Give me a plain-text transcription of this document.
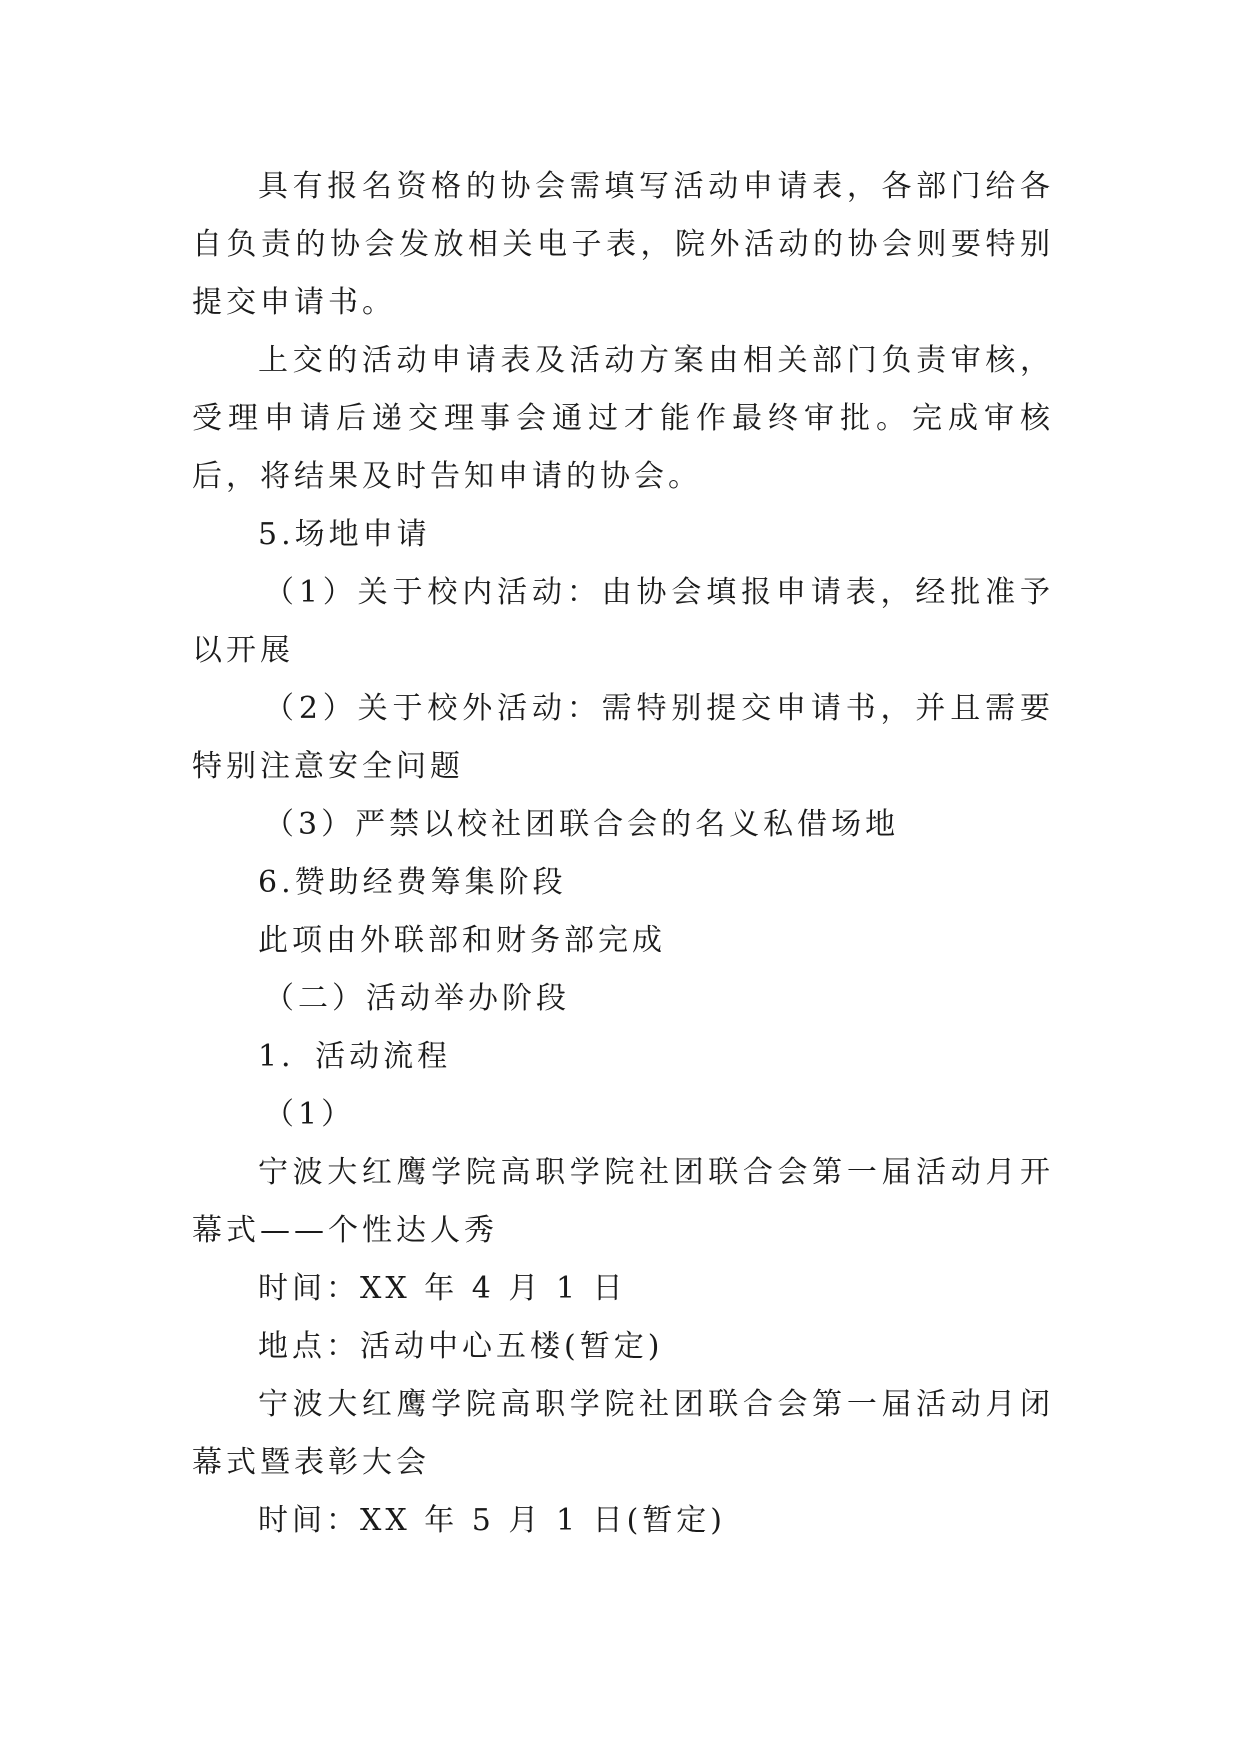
具有报名资格的协会需填写活动申请表，各部门给各自负责的协会发放相关电子表，院外活动的协会则要特别提交申请书。

上交的活动申请表及活动方案由相关部门负责审核，受理申请后递交理事会通过才能作最终审批。完成审核后，将结果及时告知申请的协会。

5.场地申请

（1）关于校内活动：由协会填报申请表，经批准予以开展

（2）关于校外活动：需特别提交申请书，并且需要特别注意安全问题

（3）严禁以校社团联合会的名义私借场地

6.赞助经费筹集阶段

此项由外联部和财务部完成

（二）活动举办阶段

1．活动流程

（1）

宁波大红鹰学院高职学院社团联合会第一届活动月开幕式——个性达人秀

时间：XX 年 4 月 1 日

地点：活动中心五楼(暂定)

宁波大红鹰学院高职学院社团联合会第一届活动月闭幕式暨表彰大会

时间：XX 年 5 月 1 日(暂定)
